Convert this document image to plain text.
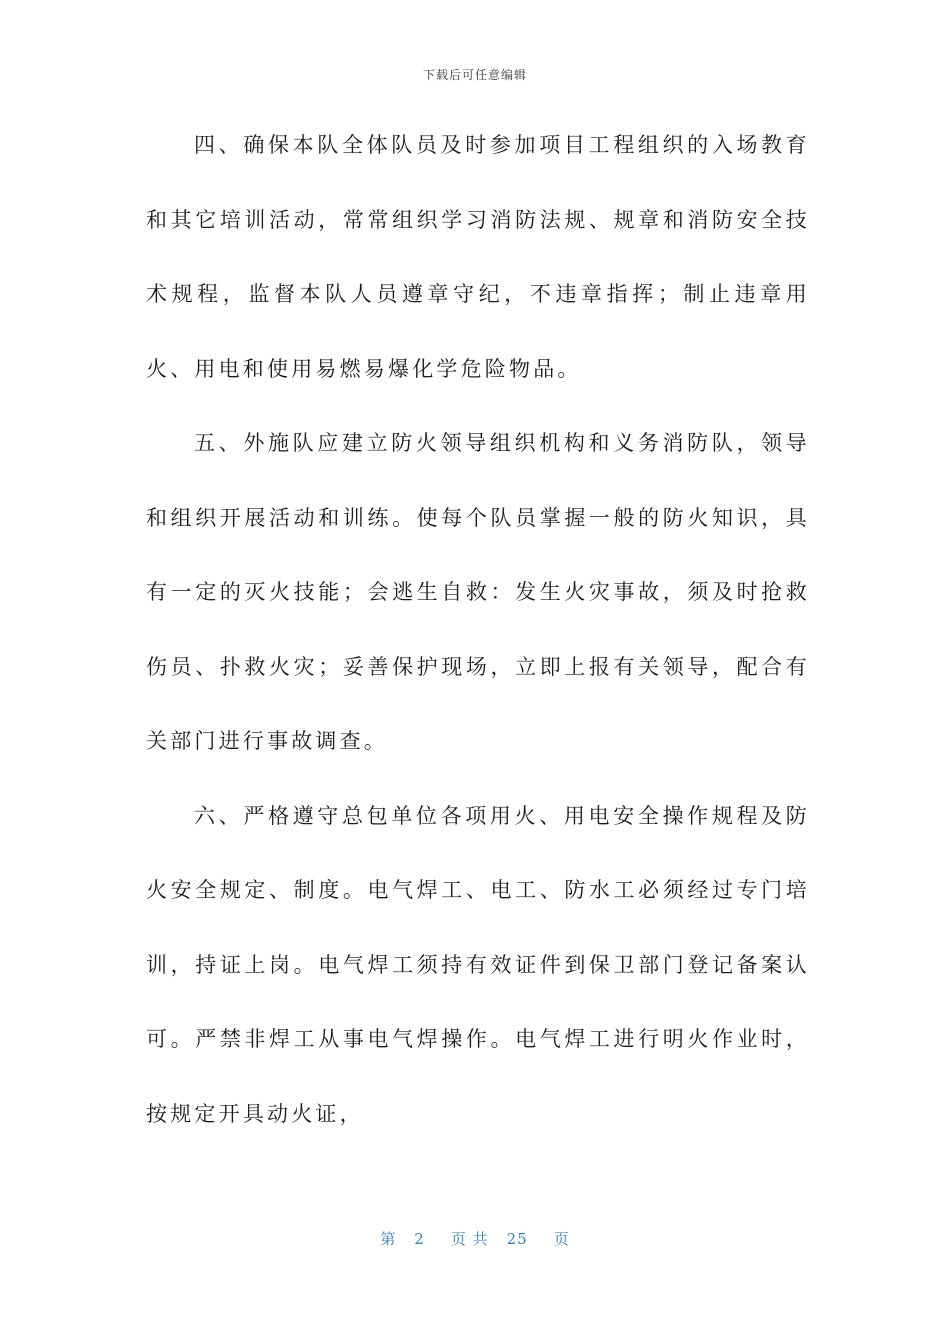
下载后可任意编辑

四、确保本队全体队员及时参加项目工程组织的入场教育和其它培训活动，常常组织学习消防法规、规章和消防安全技术规程，监督本队人员遵章守纪，不违章指挥；制止违章用火、用电和使用易燃易爆化学危险物品。

五、外施队应建立防火领导组织机构和义务消防队，领导和组织开展活动和训练。使每个队员掌握一般的防火知识，具有一定的灭火技能；会逃生自救：发生火灾事故，须及时抢救伤员、扑救火灾；妥善保护现场，立即上报有关领导，配合有关部门进行事故调查。

六、严格遵守总包单位各项用火、用电安全操作规程及防火安全规定、制度。电气焊工、电工、防水工必须经过专门培训，持证上岗。电气焊工须持有效证件到保卫部门登记备案认可。严禁非焊工从事电气焊操作。电气焊工进行明火作业时，按规定开具动火证，

第 2 页 共 25 页
